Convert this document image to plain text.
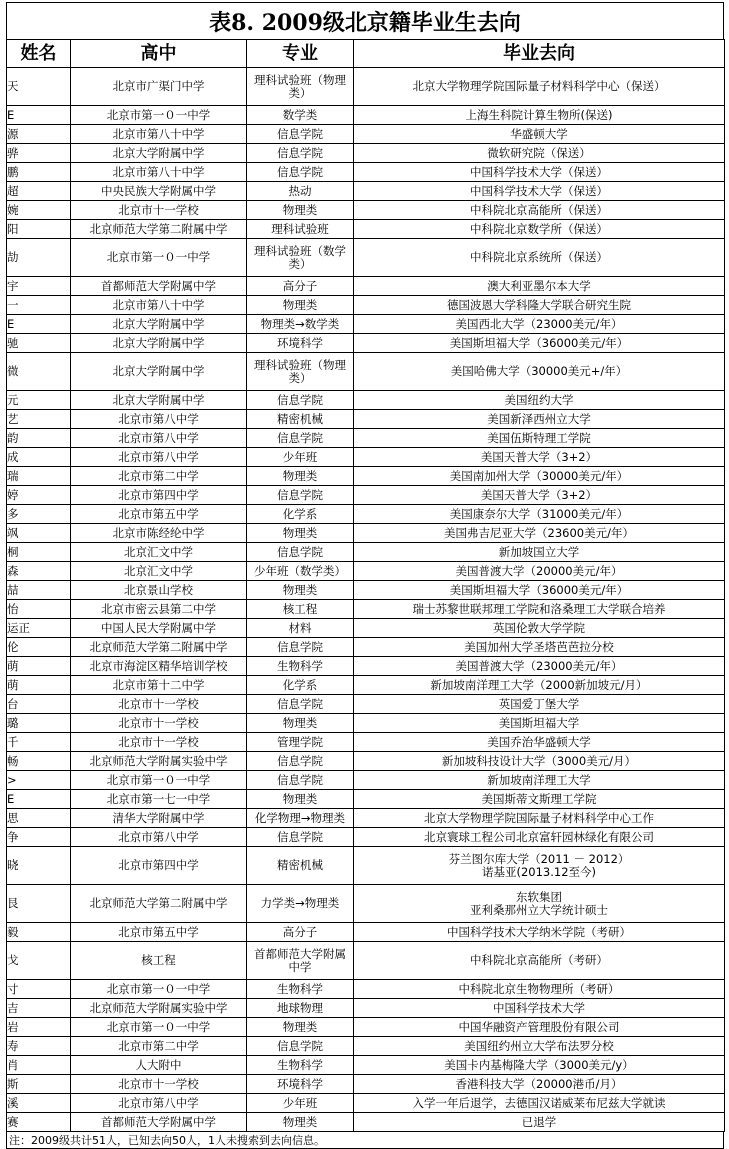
表8. 2009级北京籍毕业生去向
姓名	高中	专业	毕业去向
天	北京市广渠门中学	理科试验班（物理类）	北京大学物理学院国际量子材料科学中心（保送）
E	北京市第一０一中学	数学类	上海生科院计算生物所(保送)
源	北京市第八十中学	信息学院	华盛顿大学
骅	北京大学附属中学	信息学院	微软研究院（保送）
鹏	北京市第八十中学	信息学院	中国科学技术大学（保送）
超	中央民族大学附属中学	热动	中国科学技术大学（保送）
婉	北京市十一学校	物理类	中科院北京高能所（保送）
阳	北京师范大学第二附属中学	理科试验班	中科院北京数学所（保送）
劼	北京市第一０一中学	理科试验班（数学类）	中科院北京系统所（保送）
宇	首都师范大学附属中学	高分子	澳大利亚墨尔本大学
一	北京市第八十中学	物理类	德国波恩大学科隆大学联合研究生院
E	北京大学附属中学	物理类→数学类	美国西北大学（23000美元/年）
驰	北京大学附属中学	环境科学	美国斯坦福大学（36000美元/年）
微	北京大学附属中学	理科试验班（物理类）	美国哈佛大学（30000美元+/年）
元	北京大学附属中学	信息学院	美国纽约大学
艺	北京市第八中学	精密机械	美国新泽西州立大学
韵	北京市第八中学	信息学院	美国伍斯特理工学院
成	北京市第八中学	少年班	美国天普大学（3+2）
瑞	北京市第二中学	物理类	美国南加州大学（30000美元/年）
婷	北京市第四中学	信息学院	美国天普大学（3+2）
多	北京市第五中学	化学系	美国康奈尔大学（31000美元/年）
飒	北京市陈经纶中学	物理类	美国弗吉尼亚大学（23600美元/年）
桐	北京汇文中学	信息学院	新加坡国立大学
森	北京汇文中学	少年班（数学类）	美国普渡大学（20000美元/年）
喆	北京景山学校	物理类	美国斯坦福大学（36000美元/年）
怡	北京市密云县第二中学	核工程	瑞士苏黎世联邦理工学院和洛桑理工大学联合培养
运正	中国人民大学附属中学	材料	英国伦敦大学学院
伦	北京师范大学第二附属中学	信息学院	美国加州大学圣塔芭芭拉分校
萌	北京市海淀区精华培训学校	生物科学	美国普渡大学（23000美元/年）
萌	北京市第十二中学	化学系	新加坡南洋理工大学（2000新加坡元/月）
台	北京市十一学校	信息学院	英国爱丁堡大学
璐	北京市十一学校	物理类	美国斯坦福大学
千	北京市十一学校	管理学院	美国乔治华盛顿大学
畅	北京师范大学附属实验中学	信息学院	新加坡科技设计大学（3000美元/月）
>	北京市第一０一中学	信息学院	新加坡南洋理工大学
E	北京市第一七一中学	物理类	美国斯蒂文斯理工学院
思	清华大学附属中学	化学物理→物理类	北京大学物理学院国际量子材料科学中心工作
争	北京市第八中学	信息学院	北京寰球工程公司北京富轩园林绿化有限公司
晓	北京市第四中学	精密机械	芬兰图尔库大学（2011 － 2012）
诺基亚(2013.12至今)
艮	北京师范大学第二附属中学	力学类→物理类	东软集团
亚利桑那州立大学统计硕士
毅	北京市第五中学	高分子	中国科学技术大学纳米学院（考研）
戈	核工程	首都师范大学附属中学	中科院北京高能所（考研）
寸	北京市第一０一中学	生物科学	中科院北京生物物理所（考研）
吉	北京师范大学附属实验中学	地球物理	中国科学技术大学
岩	北京市第一０一中学	物理类	中国华融资产管理股份有限公司
寿	北京市第二中学	信息学院	美国纽约州立大学布法罗分校
肖	人大附中	生物科学	美国卡内基梅隆大学（3000美元/y）
斯	北京市十一学校	环境科学	香港科技大学（20000港币/月）
溪	北京市第八中学	少年班	入学一年后退学，去德国汉诺威莱布尼兹大学就读
赛	首都师范大学附属中学	物理类	已退学
注：2009级共计51人，已知去向50人，1人未搜索到去向信息。
